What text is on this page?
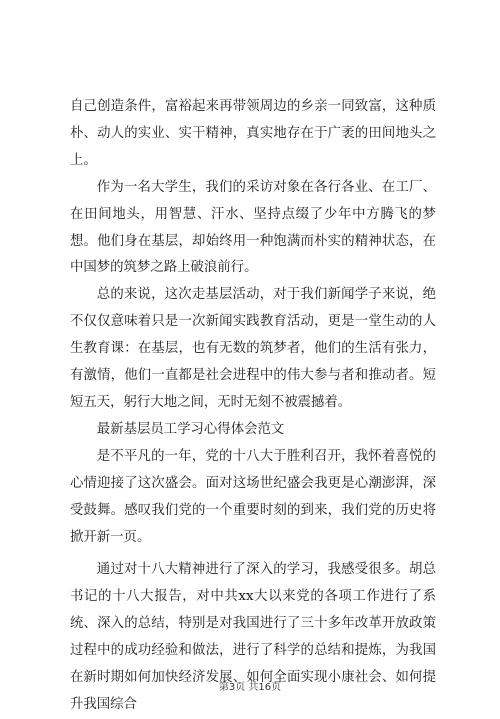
自己创造条件，富裕起来再带领周边的乡亲一同致富，这种质朴、动人的实业、实干精神，真实地存在于广袤的田间地头之上。

作为一名大学生，我们的采访对象在各行各业、在工厂、在田间地头，用智慧、汗水、坚持点缀了少年中方腾飞的梦想。他们身在基层，却始终用一种饱满而朴实的精神状态，在中国梦的筑梦之路上破浪前行。

总的来说，这次走基层活动，对于我们新闻学子来说，绝不仅仅意味着只是一次新闻实践教育活动，更是一堂生动的人生教育课：在基层，也有无数的筑梦者，他们的生活有张力，有激情，他们一直都是社会进程中的伟大参与者和推动者。短短五天，躬行大地之间，无时无刻不被震撼着。

最新基层员工学习心得体会范文

是不平凡的一年，党的十八大于胜利召开，我怀着喜悦的心情迎接了这次盛会。面对这场世纪盛会我更是心潮澎湃，深受鼓舞。感叹我们党的一个重要时刻的到来，我们党的历史将掀开新一页。

通过对十八大精神进行了深入的学习，我感受很多。胡总书记的十八大报告，对中共xx大以来党的各项工作进行了系统、深入的总结，特别是对我国进行了三十多年改革开放政策过程中的成功经验和做法，进行了科学的总结和提炼，为我国在新时期如何加快经济发展、如何全面实现小康社会、如何提升我国综合

第3页 共16页
